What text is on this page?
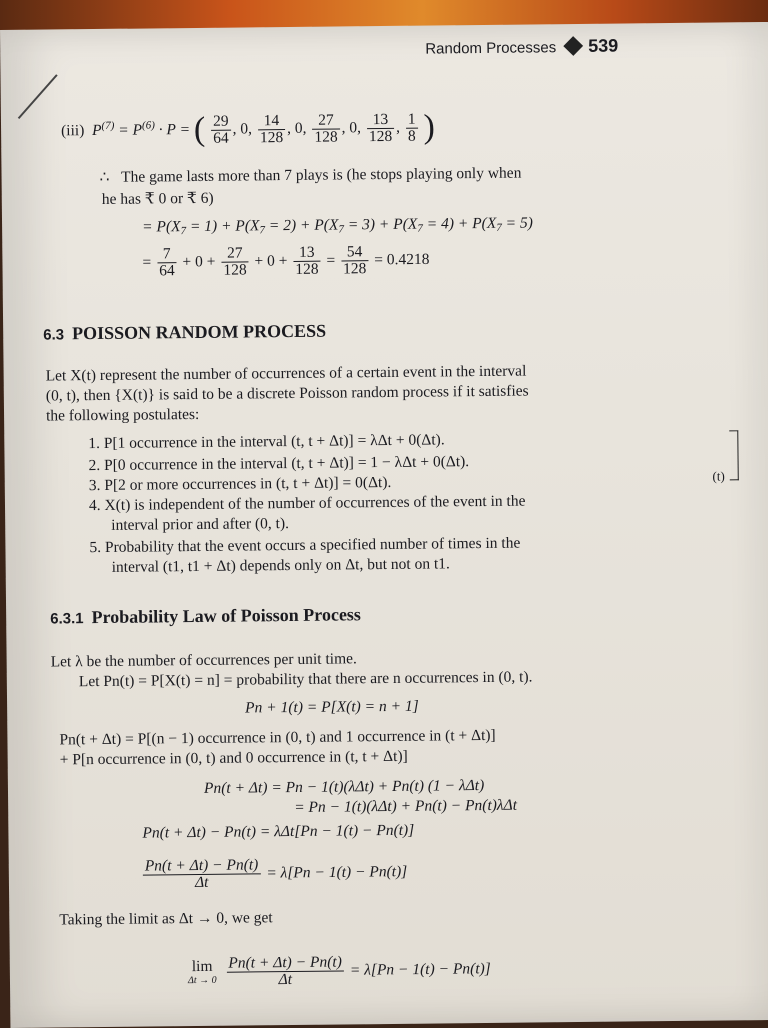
Random Processes 539
(iii) $P^{(7)} = P^{(6)} \cdot P$ = ( $\frac{29}{64}$ , 0, $\frac{14}{128}$ , 0, $\frac{27}{128}$ , 0, $\frac{13}{128}$ , $\frac{1}{8}$ )
∴   The game lasts more than 7 plays is (he stops playing only when
he has ₹ 0 or ₹ 6)
= $P(X_7 = 1) + P(X_7 = 2) + P(X_7 = 3) + P(X_7 = 4) + P(X_7 = 5)$
= $\frac{7}{64} + 0 + \frac{27}{128} + 0 + \frac{13}{128} = \frac{54}{128} = 0.4218$
6.3 POISSON RANDOM PROCESS
Let X(t) represent the number of occurrences of a certain event in the interval
(0, t), then {X(t)} is said to be a discrete Poisson random process if it satisfies
the following postulates:
1. P[1 occurrence in the interval (t, t + Δt)] = λΔt + 0(Δt).
2. P[0 occurrence in the interval (t, t + Δt)] = 1 − λΔt + 0(Δt).
3. P[2 or more occurrences in (t, t + Δt)] = 0(Δt).
4. X(t) is independent of the number of occurrences of the event in the
interval prior and after (0, t).
5. Probability that the event occurs a specified number of times in the
interval (t1, t1 + Δt) depends only on Δt, but not on t1.
(t)
6.3.1 Probability Law of Poisson Process
Let λ be the number of occurrences per unit time.
Let Pn(t) = P[X(t) = n] = probability that there are n occurrences in (0, t).
Pn + 1(t) = P[X(t) = n + 1]
Pn(t + Δt) = P[(n − 1) occurrence in (0, t) and 1 occurrence in (t + Δt)]
+ P[n occurrence in (0, t) and 0 occurrence in (t, t + Δt)]
Pn(t + Δt) = Pn − 1(t)(λΔt) + Pn(t) (1 − λΔt)
= Pn − 1(t)(λΔt) + Pn(t) − Pn(t)λΔt
Pn(t + Δt) − Pn(t) = λΔt[Pn − 1(t) − Pn(t)]
$\frac{Pn(t + \Delta t) - Pn(t)}{\Delta t} = \lambda[Pn - 1(t) - Pn(t)]$
Taking the limit as Δt → 0, we get
lim
Δt → 0
$\frac{Pn(t + \Delta t) - Pn(t)}{\Delta t} = \lambda[Pn - 1(t) - Pn(t)]$
